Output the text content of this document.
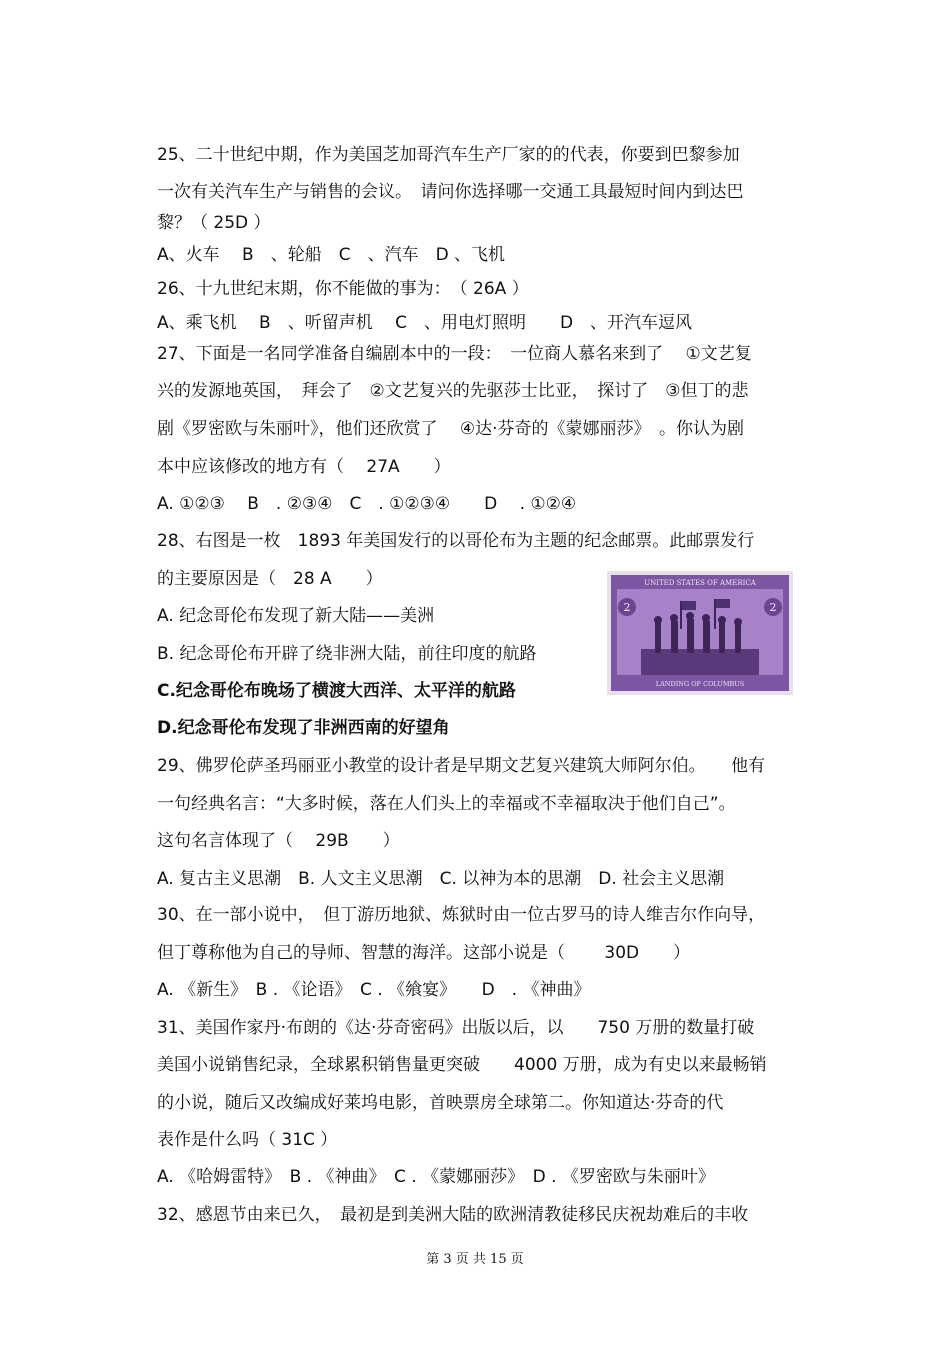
25、二十世纪中期，作为美国芝加哥汽车生产厂家的的代表，你要到巴黎参加
一次有关汽车生产与销售的会议。　请问你选择哪一交通工具最短时间内到达巴
黎？（ 25D ）
A、火车　 B　、轮船　C　、汽车　D 、飞机
26、十九世纪末期，你不能做的事为：　（ 26A ）
A、乘飞机　 B　、听留声机　 C　、用电灯照明　　D　、开汽车逗风
27、下面是一名同学准备自编剧本中的一段：　一位商人慕名来到了　 ①文艺复
兴的发源地英国，　拜会了　②文艺复兴的先驱莎士比亚，　探讨了　③但丁的悲
剧《罗密欧与朱丽叶》，他们还欣赏了　 ④达·芬奇的《蒙娜丽莎》　。你认为剧
本中应该修改的地方有（　 27A　　）
A. ①②③　 B　. ②③④　C　. ①②③④　　D　 . ①②④
28、右图是一枚　1893 年美国发行的以哥伦布为主题的纪念邮票。此邮票发行
的主要原因是（　28 A　　）
A. 纪念哥伦布发现了新大陆——美洲
B. 纪念哥伦布开辟了绕非洲大陆，前往印度的航路
C.纪念哥伦布晚场了横渡大西洋、太平洋的航路
D.纪念哥伦布发现了非洲西南的好望角
29、佛罗伦萨圣玛丽亚小教堂的设计者是早期文艺复兴建筑大师阿尔伯。　　他有
一句经典名言：“大多时候，落在人们头上的幸福或不幸福取决于他们自己”。
这句名言体现了（　 29B　　）
A. 复古主义思潮　B. 人文主义思潮　C. 以神为本的思潮　D. 社会主义思潮
30、在一部小说中，　但丁游历地狱、炼狱时由一位古罗马的诗人维吉尔作向导，
但丁尊称他为自己的导师、智慧的海洋。这部小说是（　　 30D　　）
A. 《新生》　B . 《论语》　C . 《飨宴》　　D　. 《神曲》
31、美国作家丹·布朗的《达·芬奇密码》出版以后，以　　750 万册的数量打破
美国小说销售纪录，全球累积销售量更突破　　4000 万册，成为有史以来最畅销
的小说，随后又改编成好莱坞电影，首映票房全球第二。你知道达·芬奇的代
表作是什么吗（ 31C ）
A. 《哈姆雷特》　B . 《神曲》　C . 《蒙娜丽莎》　D . 《罗密欧与朱丽叶》
32、感恩节由来已久，　最初是到美洲大陆的欧洲清教徒移民庆祝劫难后的丰收
UNITED STATES OF AMERICA
2	2
LANDING OF COLUMBUS
第 3 页 共 15 页
